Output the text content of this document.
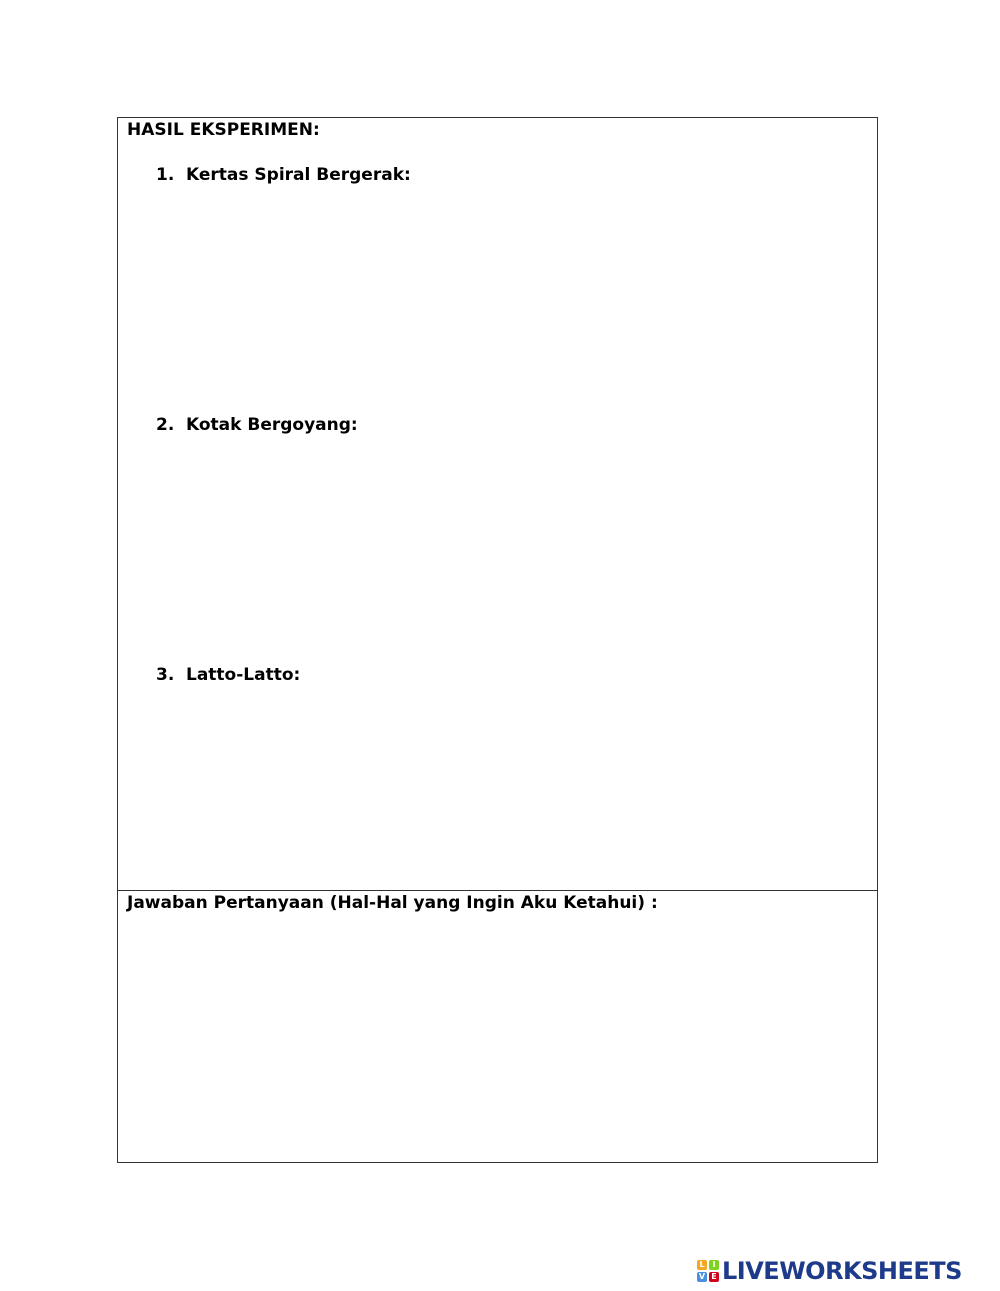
HASIL EKSPERIMEN:
1. Kertas Spiral Bergerak:
2. Kotak Bergoyang:
3. Latto-Latto:
Jawaban Pertanyaan (Hal-Hal yang Ingin Aku Ketahui) :
L I
V E LIVEWORKSHEETS
